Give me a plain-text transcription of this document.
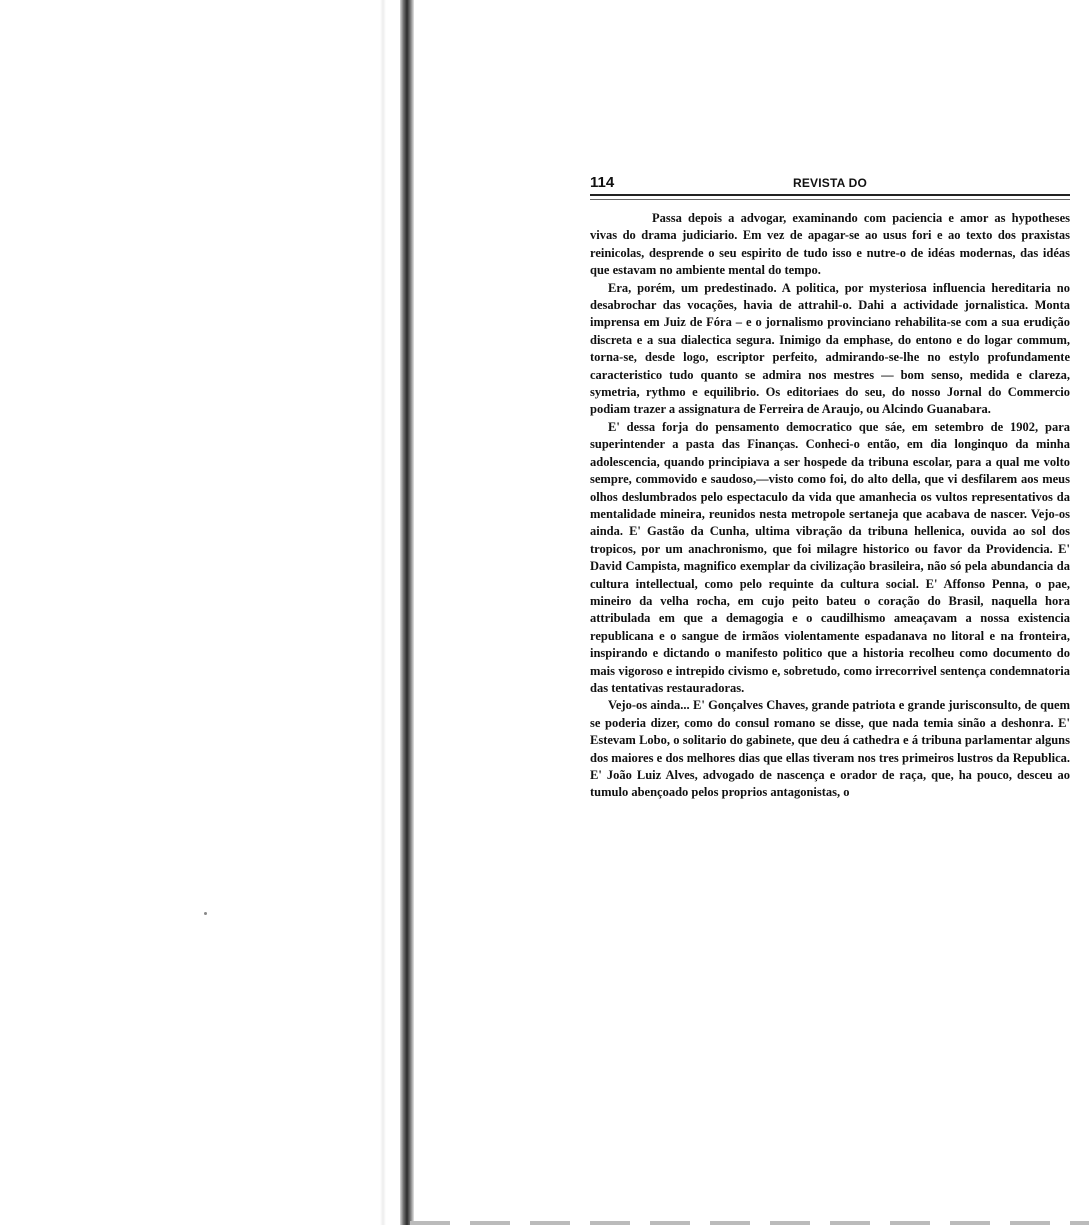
114	REVISTA DO

Passa depois a advogar, examinando com paciencia e amor as hypotheses vivas do drama judiciario. Em vez de apagar-se ao usus fori e ao texto dos praxistas reinicolas, desprende o seu espirito de tudo isso e nutre-o de idéas modernas, das idéas que estavam no ambiente mental do tempo.

Era, porém, um predestinado. A politica, por mysteriosa influencia hereditaria no desabrochar das vocações, havia de attrahil-o. Dahi a actividade jornalistica. Monta imprensa em Juiz de Fóra – e o jornalismo provinciano rehabilita-se com a sua erudição discreta e a sua dialectica segura. Inimigo da emphase, do entono e do logar commum, torna-se, desde logo, escriptor perfeito, admirando-se-lhe no estylo profundamente caracteristico tudo quanto se admira nos mestres — bom senso, medida e clareza, symetria, rythmo e equilibrio. Os editoriaes do seu, do nosso Jornal do Commercio podiam trazer a assignatura de Ferreira de Araujo, ou Alcindo Guanabara.

E' dessa forja do pensamento democratico que sáe, em setembro de 1902, para superintender a pasta das Finanças. Conheci-o então, em dia longinquo da minha adolescencia, quando principiava a ser hospede da tribuna escolar, para a qual me volto sempre, commovido e saudoso,—visto como foi, do alto della, que vi desfilarem aos meus olhos deslumbrados pelo espectaculo da vida que amanhecia os vultos representativos da mentalidade mineira, reunidos nesta metropole sertaneja que acabava de nascer. Vejo-os ainda. E' Gastão da Cunha, ultima vibração da tribuna hellenica, ouvida ao sol dos tropicos, por um anachronismo, que foi milagre historico ou favor da Providencia. E' David Campista, magnifico exemplar da civilização brasileira, não só pela abundancia da cultura intellectual, como pelo requinte da cultura social. E' Affonso Penna, o pae, mineiro da velha rocha, em cujo peito bateu o coração do Brasil, naquella hora attribulada em que a demagogia e o caudilhismo ameaçavam a nossa existencia republicana e o sangue de irmãos violentamente espadanava no litoral e na fronteira, inspirando e dictando o manifesto politico que a historia recolheu como documento do mais vigoroso e intrepido civismo e, sobretudo, como irrecorrivel sentença condemnatoria das tentativas restauradoras.

Vejo-os ainda... E' Gonçalves Chaves, grande patriota e grande jurisconsulto, de quem se poderia dizer, como do consul romano se disse, que nada temia sinão a deshonra. E' Estevam Lobo, o solitario do gabinete, que deu á cathedra e á tribuna parlamentar alguns dos maiores e dos melhores dias que ellas tiveram nos tres primeiros lustros da Republica. E' João Luiz Alves, advogado de nascença e orador de raça, que, ha pouco, desceu ao tumulo abençoado pelos proprios antagonistas, o
